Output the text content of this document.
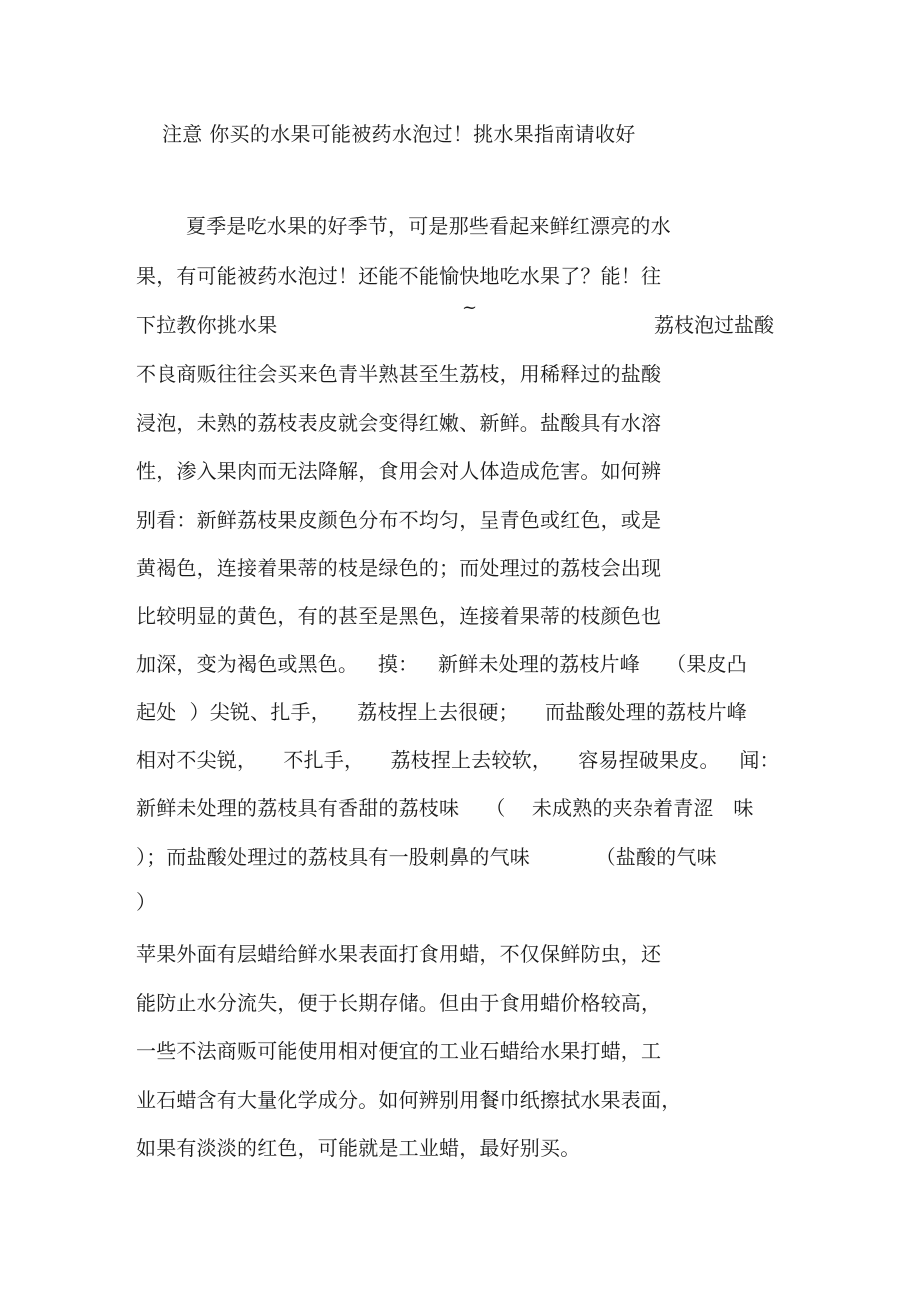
注意 你买的水果可能被药水泡过！挑水果指南请收好
夏季是吃水果的好季节，可是那些看起来鲜红漂亮的水
果，有可能被药水泡过！还能不能愉快地吃水果了？能！往
下拉教你挑水果
~
荔枝泡过盐酸
不良商贩往往会买来色青半熟甚至生荔枝，用稀释过的盐酸
浸泡，未熟的荔枝表皮就会变得红嫩、新鲜。盐酸具有水溶
性，渗入果肉而无法降解，食用会对人体造成危害。如何辨
别看：新鲜荔枝果皮颜色分布不均匀，呈青色或红色，或是
黄褐色，连接着果蒂的枝是绿色的；而处理过的荔枝会出现
比较明显的黄色，有的甚至是黑色，连接着果蒂的枝颜色也
加深，变为褐色或黑色。   摸：   新鲜未处理的荔枝片峰    （果皮凸
起处  ）尖锐、扎手，    荔枝捏上去很硬；    而盐酸处理的荔枝片峰
相对不尖锐，    不扎手，    荔枝捏上去较软，    容易捏破果皮。   闻：
新鲜未处理的荔枝具有香甜的荔枝味    （    未成熟的夹杂着青涩   味
）；而盐酸处理过的荔枝具有一股刺鼻的气味          （盐酸的气味
）
苹果外面有层蜡给鲜水果表面打食用蜡，不仅保鲜防虫，还
能防止水分流失，便于长期存储。但由于食用蜡价格较高，
一些不法商贩可能使用相对便宜的工业石蜡给水果打蜡，工
业石蜡含有大量化学成分。如何辨别用餐巾纸擦拭水果表面，
如果有淡淡的红色，可能就是工业蜡，最好别买。
